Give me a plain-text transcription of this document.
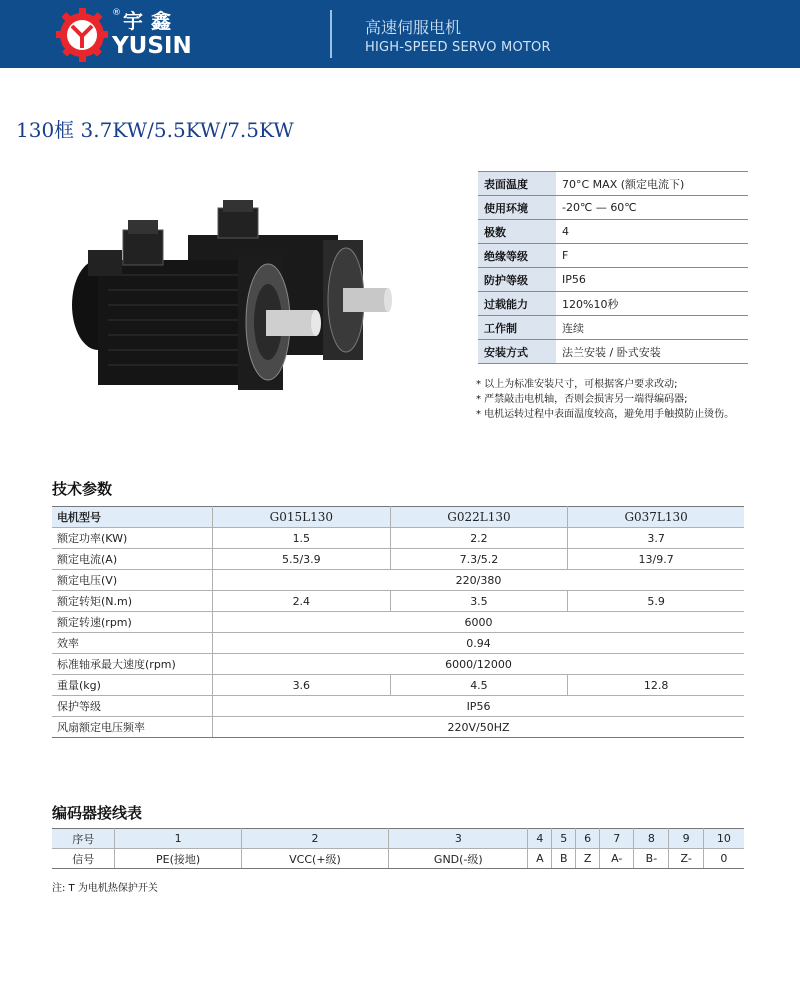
® 宇鑫
YUSIN
高速伺服电机
HIGH-SPEED SERVO MOTOR
130框 3.7KW/5.5KW/7.5KW
表面温度	70°C MAX (额定电流下)
使用环境	-20℃ — 60℃
极数	4
绝缘等级	F
防护等级	IP56
过载能力	120%10秒
工作制	连续
安装方式	法兰安装 / 卧式安装
* 以上为标准安装尺寸，可根据客户要求改动;
* 严禁敲击电机轴，否则会损害另一端得编码器;
* 电机运转过程中表面温度较高，避免用手触摸防止烫伤。
技术参数
电机型号	G015L130	G022L130	G037L130
额定功率(KW)	1.5	2.2	3.7
额定电流(A)	5.5/3.9	7.3/5.2	13/9.7
额定电压(V)	220/380		
额定转矩(N.m)	2.4	3.5	5.9
额定转速(rpm)	6000		
效率	0.94		
标准轴承最大速度(rpm)	6000/12000		
重量(kg)	3.6	4.5	12.8
保护等级	IP56		
风扇额定电压频率	220V/50HZ		
编码器接线表
序号	1	2	3	4	5	6	7	8	9	10
信号	PE(接地)	VCC(+级)	GND(-级)	A	B	Z	A-	B-	Z-	0
注: T 为电机热保护开关
